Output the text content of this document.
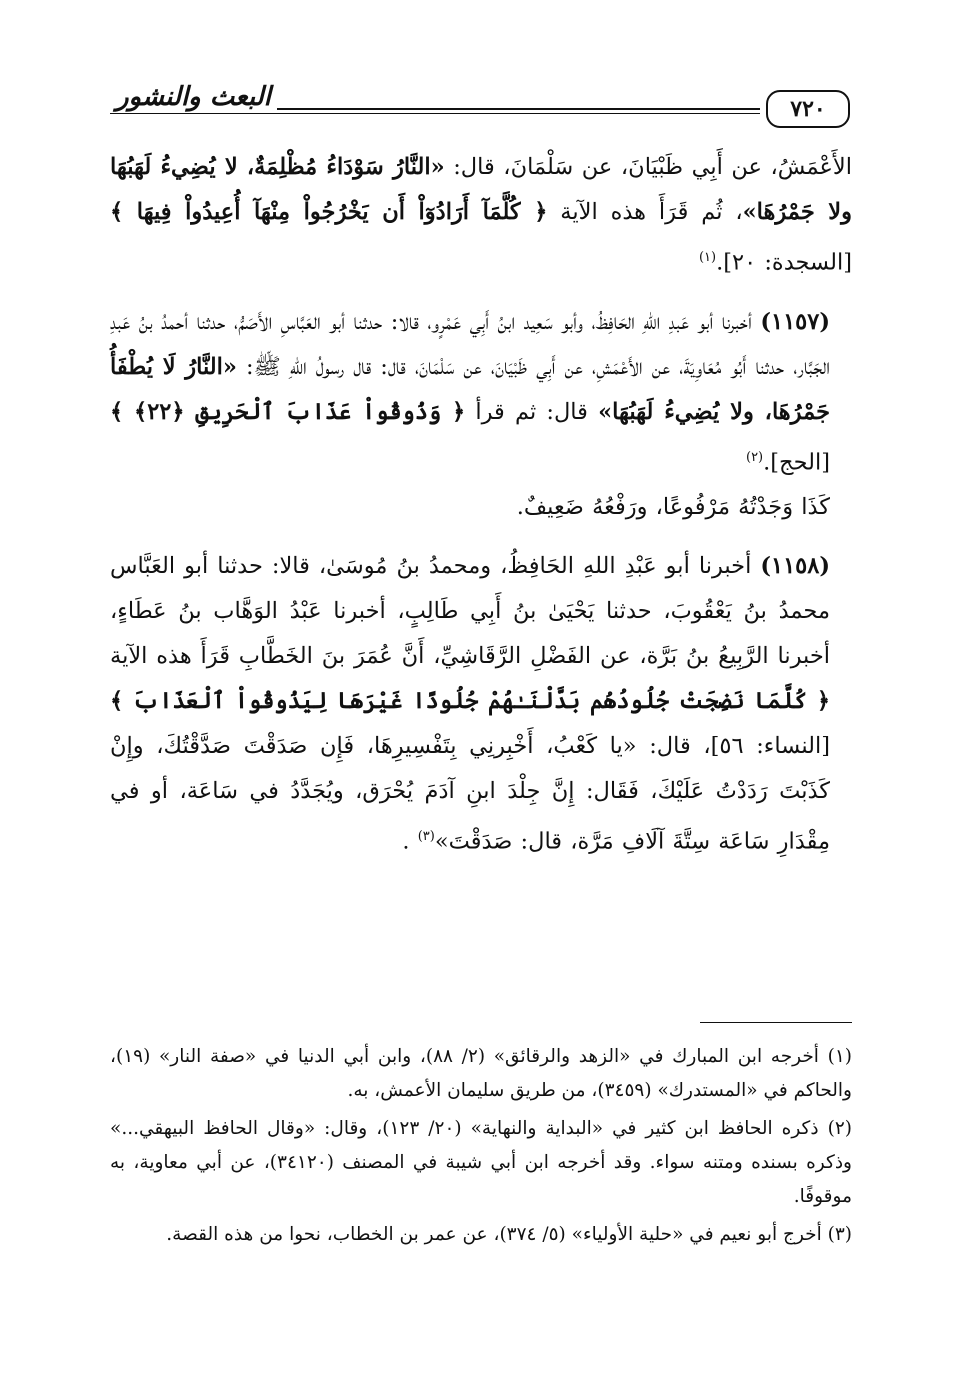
٧٢٠
البعث والنشور

الأَعْمَشُ، عن أَبِي ظَبْيَانَ، عن سَلْمَانَ، قال: «النَّارُ سَوْدَاءُ مُظْلِمَةٌ، لا يُضِيءُ لَهَبُهَا ولا جَمْرُهَا»، ثُم قَرَأَ هذه الآية ﴿ كُلَّمَآ أَرَادُوٓاْ أَن يَخْرُجُواْ مِنْهَآ أُعِيدُواْ فِيهَا ﴾ [السجدة: ٢٠].$^{(١)}$

(١١٥٧) أخبرنا أبو عَبدِ اللهِ الحَافِظُ، وأبو سَعِيد ابنُ أَبِي عَمْرٍو، قالا: حدثنا أبو العَبَّاسِ الأَصَمُّ، حدثنا أحمدُ بنُ عَبدِ الجَبَّار، حدثنا أَبُو مُعَاوِيَةَ، عن الأَعْمَشِ، عن أَبِي ظَبْيَانَ، عن سَلْمَانَ، قال: قال رسولُ اللهِ ﷺ: «النَّارُ لَا يُطْفَأُ جَمْرُهَا، ولا يُضِيءُ لَهَبُهَا» قال: ثم قرأ ﴿ وَذُوقُواْ عَذَابَ ٱلْحَرِيقِ ﴿٢٢﴾ ﴾[الحج].$^{(٢)}$

كَذَا وَجَدْتُهُ مَرْفُوعًا، ورَفْعُهُ ضَعِيفٌ.

(١١٥٨) أخبرنا أبو عَبْدِ اللهِ الحَافِظُ، ومحمدُ بنُ مُوسَىٰ، قالا: حدثنا أبو العَبَّاس محمدُ بنُ يَعْقُوبَ، حدثنا يَحْيَىٰ بنُ أَبِي طَالِبٍ، أخبرنا عَبْدُ الوَهَّاب بنُ عَطَاءٍ، أخبرنا الرَّبِيعُ بنُ بَرَّة، عن الفَضْلِ الرَّقَاشِيِّ، أَنَّ عُمَرَ بنَ الخَطَّابِ قَرَأَ هذه الآية ﴿ كُلَّمَا نَضِجَتْ جُلُودُهُم بَدَّلْنَـٰهُمْ جُلُودًا غَيْرَهَا لِيَذُوقُواْ ٱلْعَذَابَ ﴾ [النساء: ٥٦]، قال: «يا كَعْبُ، أَخْبِرنِي بِتَفْسِيرِهَا، فَإِن صَدَقْتَ صَدَّقْتُكَ، وإِنْ كَذَبْتَ رَدَدْتُ عَلَيْكَ، فَقَال: إِنَّ جِلْدَ ابنِ آدَمَ يُحْرَق، ويُجَدَّدُ في سَاعَة، أو في مِقْدَارِ سَاعَة سِتَّةَ آلَافِ مَرَّة، قال: صَدَقْتَ»$^{(٣)}$ .

(١) أخرجه ابن المبارك في «الزهد والرقائق» (٢/ ٨٨)، وابن أبي الدنيا في «صفة النار» (١٩)، والحاكم في «المستدرك» (٣٤٥٩)، من طريق سليمان الأعمش، به.

(٢) ذكره الحافظ ابن كثير في «البداية والنهاية» (٢٠/ ١٢٣)، وقال: «وقال الحافظ البيهقي...» وذكره بسنده ومتنه سواء. وقد أخرجه ابن أبي شيبة في المصنف (٣٤١٢٠)، عن أبي معاوية، به موقوفًا.

(٣) أخرج أبو نعيم في «حلية الأولياء» (٥/ ٣٧٤)، عن عمر بن الخطاب، نحوا من هذه القصة.
